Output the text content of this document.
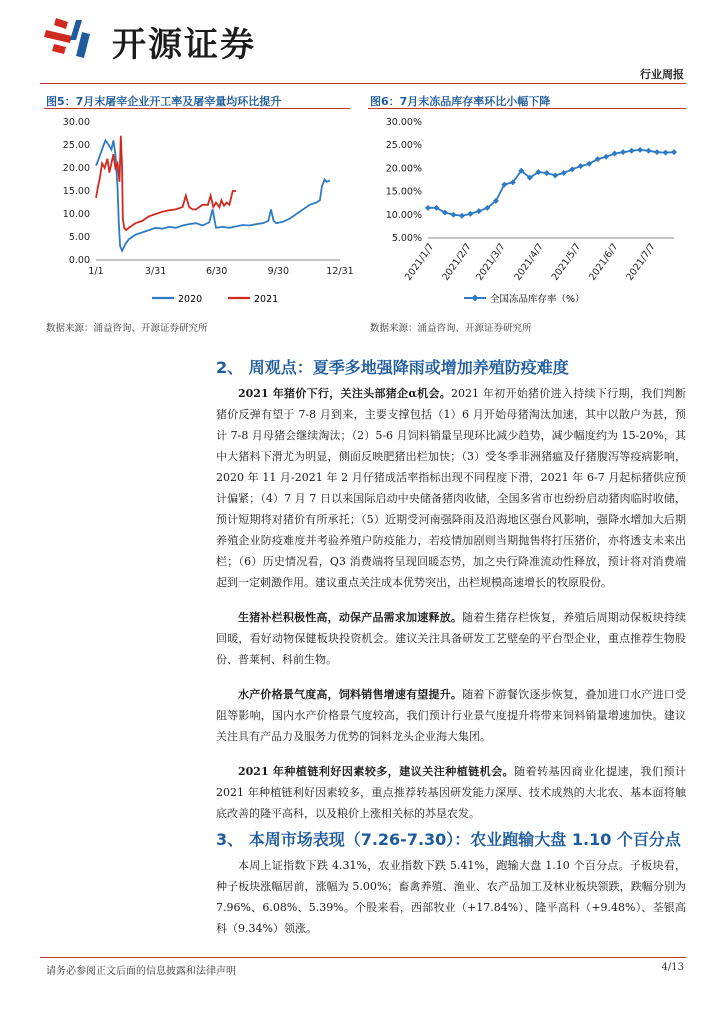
开源证券
行业周报
图5：7月末屠宰企业开工率及屠宰量均环比提升
0.00
5.00
10.00
15.00
20.00
25.00
30.00
1/1	3/31	6/30	9/30	12/31
2020	2021
数据来源：涌益咨询、开源证券研究所
图6：7月末冻品库存率环比小幅下降
5.00%
10.00%
15.00%
20.00%
25.00%
30.00%
2021/1/7 2021/2/7 2021/3/7 2021/4/7 2021/5/7 2021/6/7 2021/7/7
全国冻品库存率（%）
数据来源：涌益咨询、开源证券研究所
2、 周观点：夏季多地强降雨或增加养殖防疫难度

2021 年猪价下行，关注头部猪企α机会。2021 年初开始猪价进入持续下行期，我们判断猪价反弹有望于 7-8 月到来，主要支撑包括（1）6 月开始母猪淘汰加速，其中以散户为甚，预计 7-8 月母猪会继续淘汰；（2）5-6 月饲料销量呈现环比减少趋势，减少幅度约为 15-20%，其中大猪料下滑尤为明显，侧面反映肥猪出栏加快；（3）受冬季非洲猪瘟及仔猪腹泻等疫病影响，2020 年 11 月-2021 年 2 月仔猪成活率指标出现不同程度下滑，2021 年 6-7 月起标猪供应预计偏紧；（4）7 月 7 日以来国际启动中央储备猪肉收储，全国多省市也纷纷启动猪肉临时收储，预计短期将对猪价有所承托；（5）近期受河南强降雨及沿海地区强台风影响，强降水增加大后期养殖企业防疫难度并考验养殖户防疫能力，若疫情加剧则当期抛售将打压猪价，亦将透支未来出栏；（6）历史情况看，Q3 消费端将呈现回暖态势，加之央行降准流动性释放，预计将对消费端起到一定刺激作用。建议重点关注成本优势突出，出栏规模高速增长的牧原股份。

生猪补栏积极性高，动保产品需求加速释放。随着生猪存栏恢复，养殖后周期动保板块持续回暖，看好动物保健板块投资机会。建议关注具备研发工艺壁垒的平台型企业，重点推荐生物股份、普莱柯、科前生物。

水产价格景气度高，饲料销售增速有望提升。随着下游餐饮逐步恢复，叠加进口水产进口受阻等影响，国内水产价格景气度较高，我们预计行业景气度提升将带来饲料销量增速加快。建议关注具有产品力及服务力优势的饲料龙头企业海大集团。

2021 年种植链利好因素较多，建议关注种植链机会。随着转基因商业化提速，我们预计 2021 年种植链利好因素较多，重点推荐转基因研发能力深厚、技术成熟的大北农、基本面将触底改善的隆平高科，以及粮价上涨相关标的苏垦农发。

3、 本周市场表现（7.26-7.30）：农业跑输大盘 1.10 个百分点

本周上证指数下跌 4.31%，农业指数下跌 5.41%，跑输大盘 1.10 个百分点。子板块看，种子板块涨幅居前，涨幅为 5.00%；畜禽养殖、渔业、农产品加工及林业板块领跌，跌幅分别为 7.96%、6.08%、5.39%。个股来看，西部牧业（+17.84%）、隆平高科（+9.48%）、荃银高科（9.34%）领涨。

请务必参阅正文后面的信息披露和法律声明	4/13
